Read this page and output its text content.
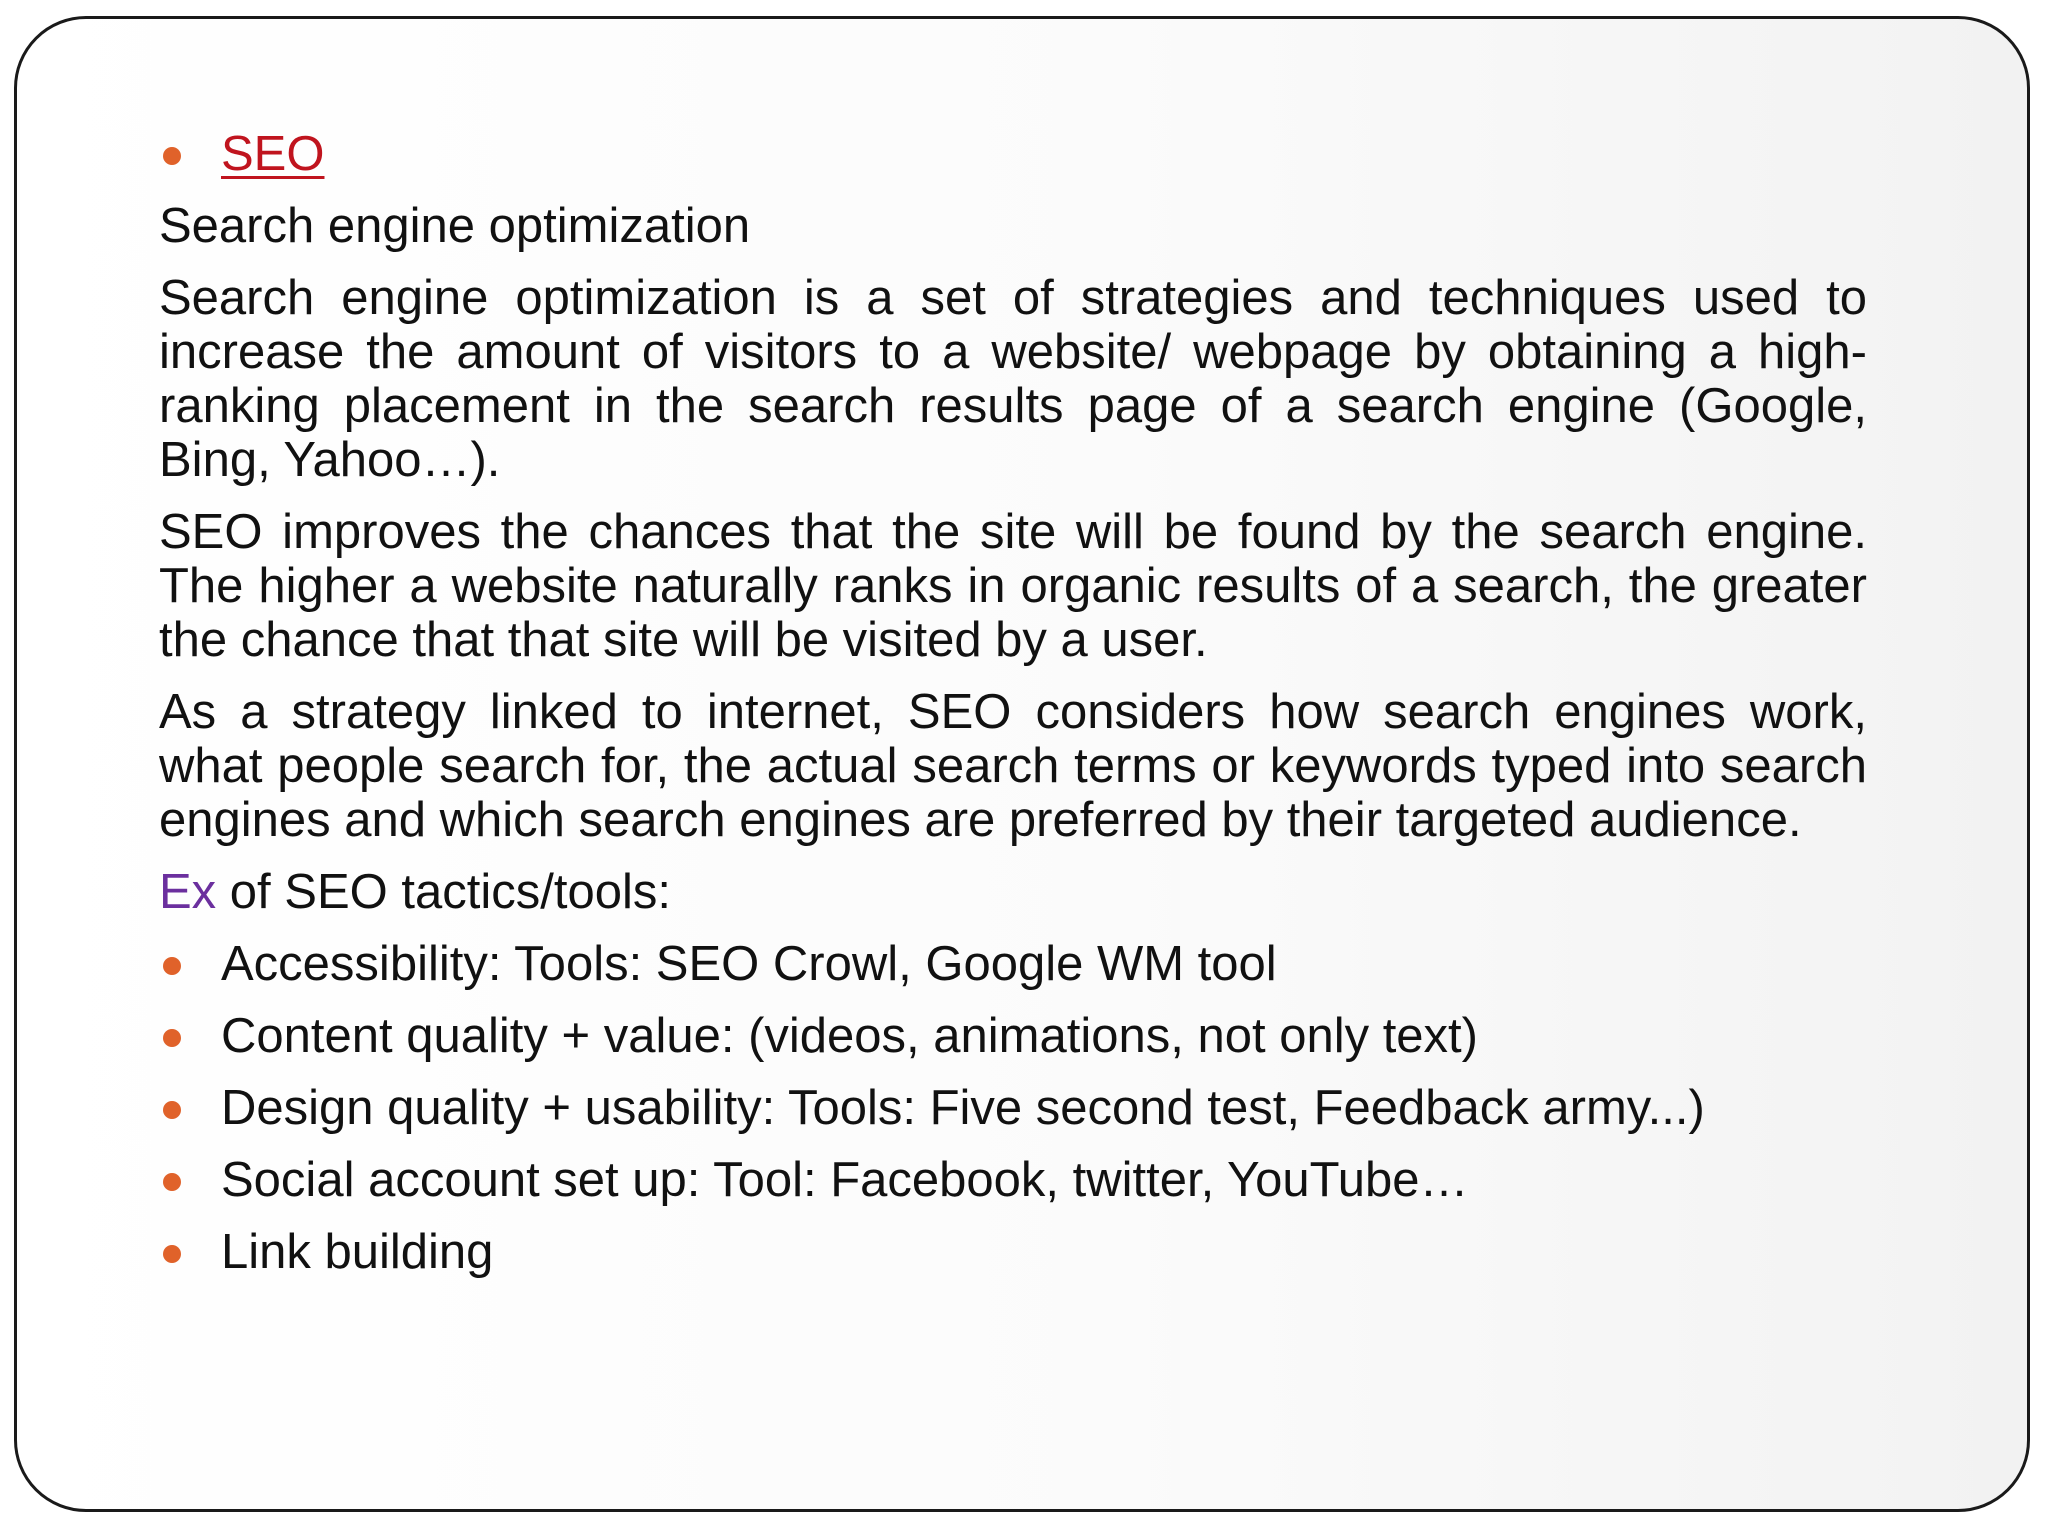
SEO
Search engine optimization
Search engine optimization is a set of strategies and techniques used to increase the amount of visitors to a website/ webpage by obtaining a high-ranking placement in the search results page of a search engine (Google, Bing, Yahoo…).
SEO improves the chances that the site will be found by the search engine. The higher a website naturally ranks in organic results of a search, the greater the chance that that site will be visited by a user.
As a strategy linked to internet, SEO considers how search engines work, what people search for, the actual search terms or keywords typed into search engines and which search engines are preferred by their targeted audience.
Ex of SEO tactics/tools:
Accessibility: Tools: SEO Crowl, Google WM tool
Content quality + value: (videos, animations, not only text)
Design quality + usability: Tools: Five second test, Feedback army...)
Social account set up: Tool: Facebook, twitter, YouTube…
Link building
